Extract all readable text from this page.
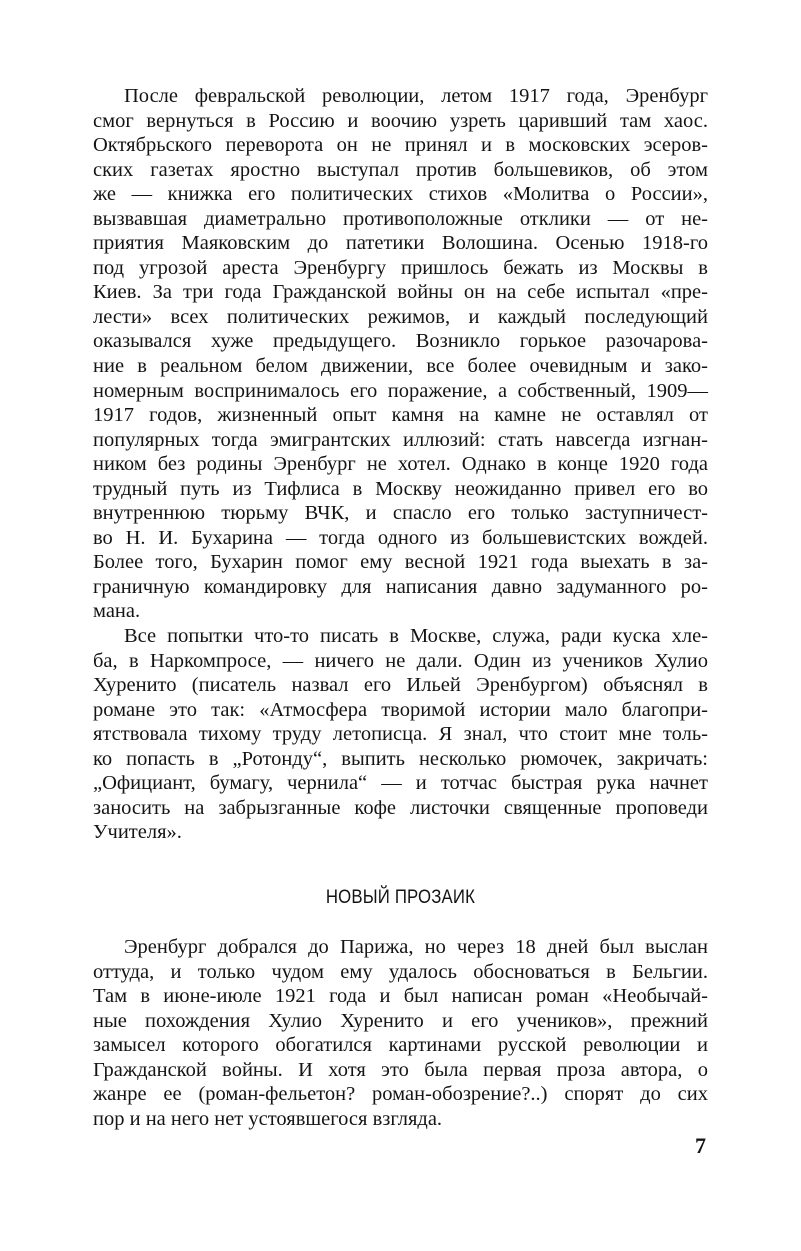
После февральской революции, летом 1917 года, Эренбург
смог вернуться в Россию и воочию узреть царивший там хаос.
Октябрьского переворота он не принял и в московских эсеров-
ских газетах яростно выступал против большевиков, об этом
же — книжка его политических стихов «Молитва о России»,
вызвавшая диаметрально противоположные отклики — от не-
приятия Маяковским до патетики Волошина. Осенью 1918-го
под угрозой ареста Эренбургу пришлось бежать из Москвы в
Киев. За три года Гражданской войны он на себе испытал «пре-
лести» всех политических режимов, и каждый последующий
оказывался хуже предыдущего. Возникло горькое разочарова-
ние в реальном белом движении, все более очевидным и зако-
номерным воспринималось его поражение, а собственный, 1909—
1917 годов, жизненный опыт камня на камне не оставлял от
популярных тогда эмигрантских иллюзий: стать навсегда изгнан-
ником без родины Эренбург не хотел. Однако в конце 1920 года
трудный путь из Тифлиса в Москву неожиданно привел его во
внутреннюю тюрьму ВЧК, и спасло его только заступничест-
во Н. И. Бухарина — тогда одного из большевистских вождей.
Более того, Бухарин помог ему весной 1921 года выехать в за-
граничную командировку для написания давно задуманного ро-
мана.
Все попытки что-то писать в Москве, служа, ради куска хле-
ба, в Наркомпросе, — ничего не дали. Один из учеников Хулио
Хуренито (писатель назвал его Ильей Эренбургом) объяснял в
романе это так: «Атмосфера творимой истории мало благопри-
ятствовала тихому труду летописца. Я знал, что стоит мне толь-
ко попасть в „Ротонду“, выпить несколько рюмочек, закричать:
„Официант, бумагу, чернила“ — и тотчас быстрая рука начнет
заносить на забрызганные кофе листочки священные проповеди
Учителя».
НОВЫЙ ПРОЗАИК
Эренбург добрался до Парижа, но через 18 дней был выслан
оттуда, и только чудом ему удалось обосноваться в Бельгии.
Там в июне-июле 1921 года и был написан роман «Необычай-
ные похождения Хулио Хуренито и его учеников», прежний
замысел которого обогатился картинами русской революции и
Гражданской войны. И хотя это была первая проза автора, о
жанре ее (роман-фельетон? роман-обозрение?..) спорят до сих
пор и на него нет устоявшегося взгляда.
7
